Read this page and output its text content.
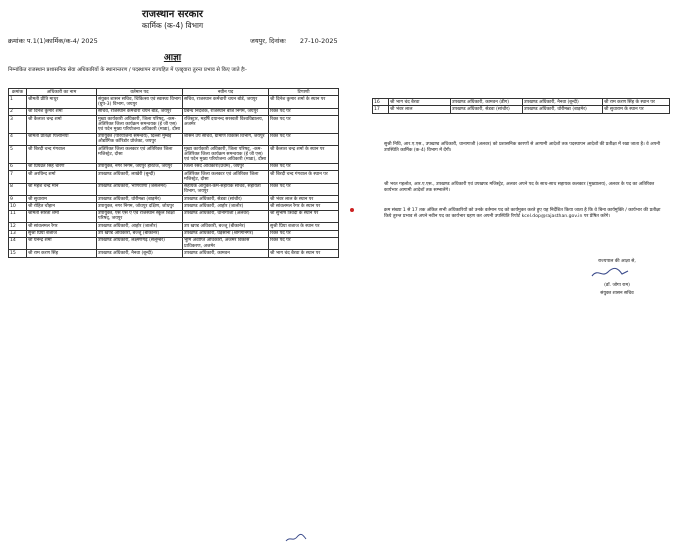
राजस्थान सरकार
कार्मिक (क-4) विभाग
क्रमांकः प.1(1)कार्मिक/क-4/ 2025	जयपुर, दिनांकः 27-10-2025
आज्ञा
निम्नांकित राजस्थान प्रशासनिक सेवा अधिकारियों के स्थानान्तरण / पदस्थापन राज्यहित में एतद्द्वारा तुरन्त प्रभाव से किए जाते हैः-
क्रमांक	अधिकारी का नाम	वर्तमान पद	नवीन पद	टिप्पणी
1	श्रीमती प्रीति माथुर	संयुक्त शासन सचिव, चिकित्सा एवं स्वास्थ्य विभाग (ग्रुप-3) विभाग, जयपुर	सचिव, राजस्थान कर्मचारी चयन बोर्ड, जयपुर	श्री दिनेश कुमार शर्मा के स्थान पर
2	श्री दिनेश कुमार शर्मा	सचिव, राजस्थान कर्मचारी चयन बोर्ड, जयपुर	प्रबन्ध निदेशक, राजस्थान बीज निगम, जयपुर	रिक्त पद पर
3	श्री कैलाश चन्द्र शर्मा	मुख्य कार्यकारी अधिकारी, जिला परिषद्, -कम- अतिरिक्त जिला कार्यक्रम समन्वयक (ई जी एस) एवं पदेन मुख्य परियोजना अधिकारी (माडा), दौसा	रजिस्ट्रार, महर्षि दयानन्द सरस्वती विश्वविद्यालय, अजमेर	रिक्त पद पर
4	श्रीमती प्रतिक्षा पिलानिया	उपायुक्त (परियोजना समन्वय), दिल्ली मुम्बई औद्योगिक कॉरिडोर प्रोजेक्ट, जयपुर	शासन उप सचिव, ग्रामीण विकास विभाग, जयपुर	रिक्त पद पर
5	श्री बिरदी चन्द गंगवाल	अतिरिक्त जिला कलक्टर एवं अतिरिक्त जिला मजिस्ट्रेट, दौसा	मुख्य कार्यकारी अधिकारी, जिला परिषद्, -कम- अतिरिक्त जिला कार्यक्रम समन्वयक (ई जी एस) एवं पदेन मुख्य परियोजना अधिकारी (माडा), दौसा	श्री कैलाश चन्द्र शर्मा के स्थान पर
6	श्री प्रियव्रत सिंह चारण	उपायुक्त, नगर निगम, जयपुर हैरिटेज, जयपुर	जिला रसद अधिकारी(प्रथम), जयपुर	रिक्त पद पर
7	श्री अरविन्द शर्मा	उपखण्ड अधिकारी, लाखेरी (बून्दी)	अतिरिक्त जिला कलक्टर एवं अतिरिक्त जिला मजिस्ट्रेट, दौसा	श्री बिरदी चन्द गंगवाल के स्थान पर
8	श्री महेश चन्द्र मान	उपखण्ड अधिकारी, भणियाणा (जैसलमेर)	सहायक आयुक्त-कम-सहायक सचिव, सहायता विभाग, जयपुर	रिक्त पद पर
9	श्री सुधाराम	उपखण्ड अधिकारी, धोरीमन्ना (बाड़मेर)	उपखण्ड अधिकारी, सेडवा (सांचौर)	श्री भंवर लाल के स्थान पर
10	श्री रोहित चौहान	उपायुक्त, नगर निगम, जोधपुर दक्षिण, जोधपुर	उपखण्ड अधिकारी, आहोर (जालौर)	श्री सांवलमल रैगर के स्थान पर
11	श्रीमती सरिता शर्मा	उपायुक्त, एस एस ए एवं राजस्थान स्कूल शिक्षा परिषद्, जयपुर	उपखण्ड अधिकारी, थानागाजी (अलवर)	श्री सुभाष त्रिवेदी के स्थान पर
12	श्री सांवलमल रैगर	उपखण्ड अधिकारी, आहोर (जालौर)	उप खण्ड अधिकारी, बज्जू (बीकानेर)	सुश्री प्रिया बजाज के स्थान पर
13	सुश्री प्रिया बजाज	उप खण्ड अधिकारी, बज्जू (बीकानेर)	उपखण्ड अधिकारी, घड़साना (श्रीगंगानगर)	रिक्त पद पर
14	श्री घनेन्द्र शर्मा	उपखण्ड अधिकारी, लक्ष्मणगढ़ (सलूम्बर)	भूमि अवाप्ति अधिकारी, अजमेर विकास प्राधिकरण, अजमेर	रिक्त पद पर
15	श्री राम करण सिंह	उपखण्ड अधिकारी, नैनवा (बून्दी)	उपखण्ड अधिकारी, कामवन	श्री भाग चंद बैरवा के स्थान पर
16	श्री भाग चंद बैरवा	उपखण्ड अधिकारी, कामवन (डीग)	उपखण्ड अधिकारी, नैनवा (बून्दी)	श्री राम करण सिंह के स्थान पर
17	श्री भंवर लाल	उपखण्ड अधिकारी, सेडवा (सांचौर)	उपखण्ड अधिकारी, धोरीमन्ना (बाड़मेर)	श्री सुधाराम के स्थान पर
सुश्री निधि, आर.ए.एस., उपखण्ड अधिकारी, थानागाजी (अलवर) को प्रशासनिक कारणों से आगामी आदेशों तक पदस्थापन आदेशों की प्रतीक्षा में रखा जाता है। वे अपनी उपस्थिति कार्मिक (क-4) विभाग में देंगी।
श्री भरत गहलोत, आर.ए.एस., उपखण्ड अधिकारी एवं उपखण्ड मजिस्ट्रेट, अलवर अपने पद के साथ-साथ सहायक कलक्टर (मुख्यालय), अलवर के पद का अतिरिक्त कार्यभार आगामी आदेशों तक सम्भालेंगे।
क्रम संख्या 1 से 17 तक अंकित सभी अधिकारियों को उनके वर्तमान पद को कार्यमुक्त करते हुए यह निर्देशित किया जाता है कि वे बिना कार्यमुक्ति / कार्यभार की प्रतीक्षा किये तुरन्त प्रभाव से अपने नवीन पद का कार्यभार ग्रहण कर अपनी उपस्थिति रिपोर्ट kcel.dop@rajasthan.gov.in पर प्रेषित करेंगे।
राज्यपाल की आज्ञा से,
(डॉ. जोगा राम)
संयुक्त शासन सचिव
